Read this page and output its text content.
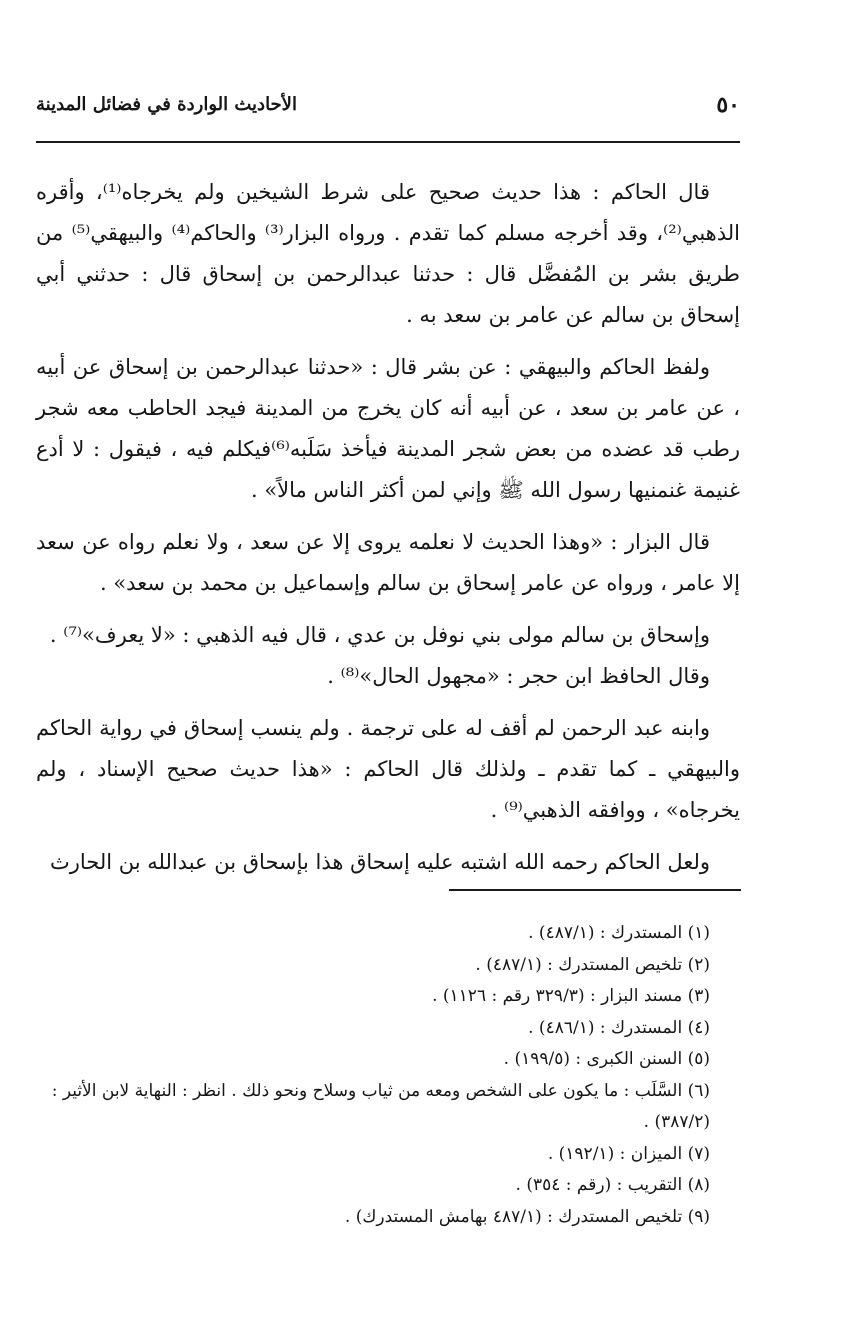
٥٠
الأحاديث الواردة في فضائل المدينة

قال الحاكم : هذا حديث صحيح على شرط الشيخين ولم يخرجاه⁽¹⁾، وأقره الذهبي⁽²⁾، وقد أخرجه مسلم كما تقدم . ورواه البزار⁽³⁾ والحاكم⁽⁴⁾ والبيهقي⁽⁵⁾ من طريق بشر بن المُفضَّل قال : حدثنا عبدالرحمن بن إسحاق قال : حدثني أبي إسحاق بن سالم عن عامر بن سعد به .

ولفظ الحاكم والبيهقي : عن بشر قال : «حدثنا عبدالرحمن بن إسحاق عن أبيه ، عن عامر بن سعد ، عن أبيه أنه كان يخرج من المدينة فيجد الحاطب معه شجر رطب قد عضده من بعض شجر المدينة فيأخذ سَلَبه⁽⁶⁾فيكلم فيه ، فيقول : لا أدع غنيمة غنمنيها رسول الله ﷺ وإني لمن أكثر الناس مالاً» .

قال البزار : «وهذا الحديث لا نعلمه يروى إلا عن سعد ، ولا نعلم رواه عن سعد إلا عامر ، ورواه عن عامر إسحاق بن سالم وإسماعيل بن محمد بن سعد» .

وإسحاق بن سالم مولى بني نوفل بن عدي ، قال فيه الذهبي : «لا يعرف»⁽⁷⁾ .

وقال الحافظ ابن حجر : «مجهول الحال»⁽⁸⁾ .

وابنه عبد الرحمن لم أقف له على ترجمة . ولم ينسب إسحاق في رواية الحاكم والبيهقي ـ كما تقدم ـ ولذلك قال الحاكم : «هذا حديث صحيح الإسناد ، ولم يخرجاه» ، ووافقه الذهبي⁽⁹⁾ .

ولعل الحاكم رحمه الله اشتبه عليه إسحاق هذا بإسحاق بن عبدالله بن الحارث

(١) المستدرك : (٤٨٧/١) .

(٢) تلخيص المستدرك : (٤٨٧/١) .

(٣) مسند البزار : (٣٢٩/٣ رقم : ١١٢٦) .

(٤) المستدرك : (٤٨٦/١) .

(٥) السنن الكبرى : (١٩٩/٥) .

(٦) السَّلَب : ما يكون على الشخص ومعه من ثياب وسلاح ونحو ذلك . انظر : النهاية لابن الأثير : (٣٨٧/٢) .

(٧) الميزان : (١٩٢/١) .

(٨) التقريب : (رقم : ٣٥٤) .

(٩) تلخيص المستدرك : (٤٨٧/١ بهامش المستدرك) .
